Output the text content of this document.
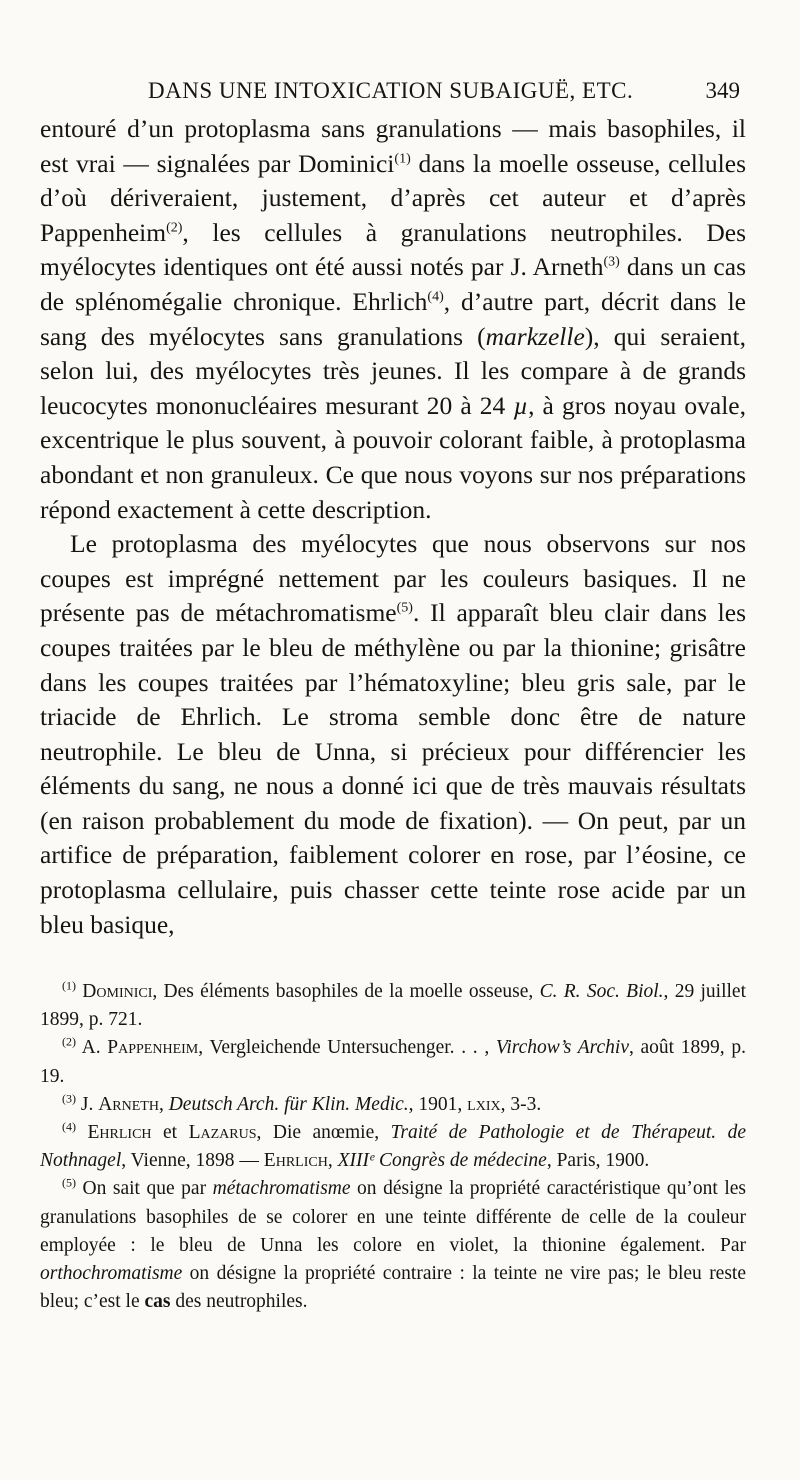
DANS UNE INTOXICATION SUBAIGUË, ETC.	349

entouré d’un protoplasma sans granulations — mais basophiles, il est vrai — signalées par Dominici$^{(1)}$ dans la moelle osseuse, cellules d’où dériveraient, justement, d’après cet auteur et d’après Pappenheim$^{(2)}$, les cellules à granulations neutrophiles. Des myélocytes identiques ont été aussi notés par J. Arneth$^{(3)}$ dans un cas de splénomégalie chronique. Ehrlich$^{(4)}$, d’autre part, décrit dans le sang des myélocytes sans granulations (markzelle), qui seraient, selon lui, des myélocytes très jeunes. Il les compare à de grands leucocytes mononucléaires mesurant 20 à 24 µ, à gros noyau ovale, excentrique le plus souvent, à pouvoir colorant faible, à protoplasma abondant et non granuleux. Ce que nous voyons sur nos préparations répond exactement à cette description.

Le protoplasma des myélocytes que nous observons sur nos coupes est imprégné nettement par les couleurs basiques. Il ne présente pas de métachromatisme$^{(5)}$. Il apparaît bleu clair dans les coupes traitées par le bleu de méthylène ou par la thionine; grisâtre dans les coupes traitées par l’hématoxyline; bleu gris sale, par le triacide de Ehrlich. Le stroma semble donc être de nature neutrophile. Le bleu de Unna, si précieux pour différencier les éléments du sang, ne nous a donné ici que de très mauvais résultats (en raison probablement du mode de fixation). — On peut, par un artifice de préparation, faiblement colorer en rose, par l’éosine, ce protoplasma cellulaire, puis chasser cette teinte rose acide par un bleu basique,

$^{(1)}$ Dominici, Des éléments basophiles de la moelle osseuse, C. R. Soc. Biol., 29 juillet 1899, p. 721.

$^{(2)}$ A. Pappenheim, Vergleichende Untersuchenger. . . , Virchow’s Archiv, août 1899, p. 19.

$^{(3)}$ J. Arneth, Deutsch Arch. für Klin. Medic., 1901, lxix, 3-3.

$^{(4)}$ Ehrlich et Lazarus, Die anœmie, Traité de Pathologie et de Thérapeut. de Nothnagel, Vienne, 1898 — Ehrlich, XIIIᵉ Congrès de médecine, Paris, 1900.

$^{(5)}$ On sait que par métachromatisme on désigne la propriété caractéristique qu’ont les granulations basophiles de se colorer en une teinte différente de celle de la couleur employée : le bleu de Unna les colore en violet, la thionine également. Par orthochromatisme on désigne la propriété contraire : la teinte ne vire pas; le bleu reste bleu; c’est le cas des neutrophiles.
